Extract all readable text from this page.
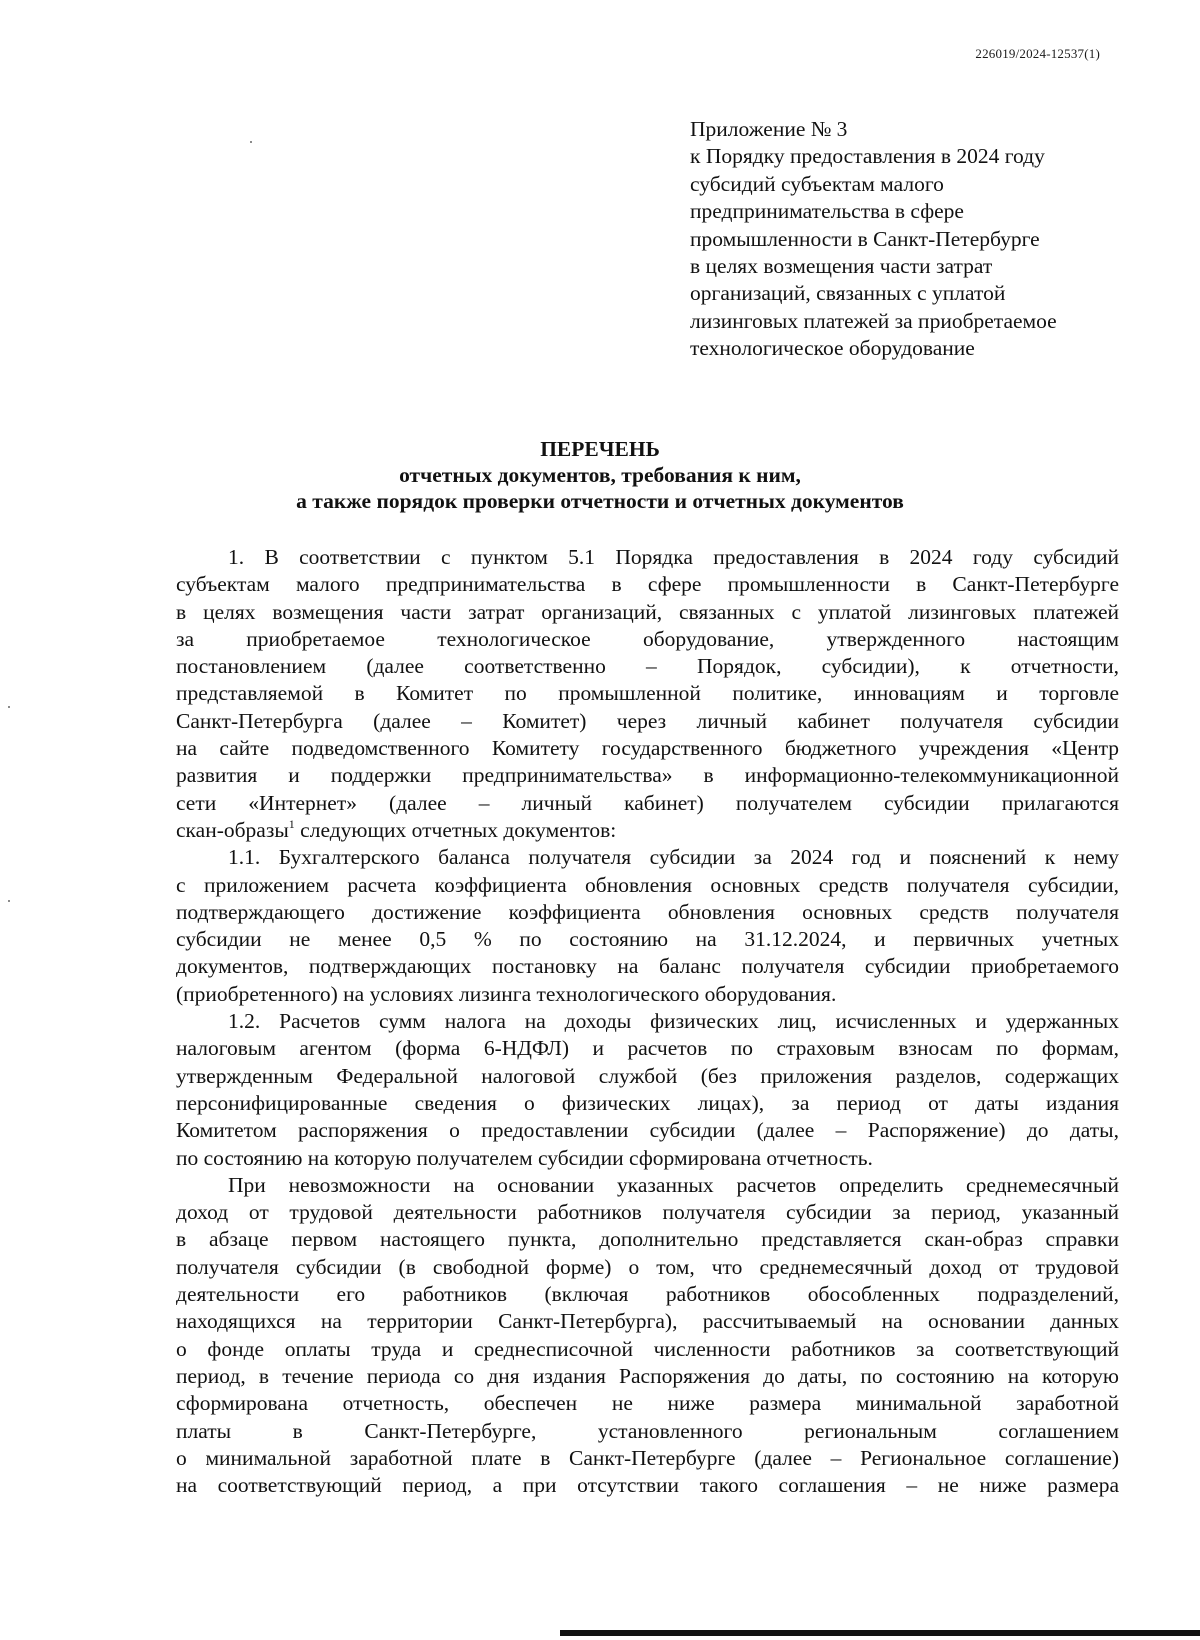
226019/2024-12537(1)
Приложение № 3
к Порядку предоставления в 2024 году
субсидий субъектам малого
предпринимательства в сфере
промышленности в Санкт-Петербурге
в целях возмещения части затрат
организаций, связанных с уплатой
лизинговых платежей за приобретаемое
технологическое оборудование
ПЕРЕЧЕНЬ
отчетных документов, требования к ним,
а также порядок проверки отчетности и отчетных документов
1. В соответствии с пунктом 5.1 Порядка предоставления в 2024 году субсидий
субъектам малого предпринимательства в сфере промышленности в Санкт-Петербурге
в целях возмещения части затрат организаций, связанных с уплатой лизинговых платежей
за приобретаемое технологическое оборудование, утвержденного настоящим
постановлением (далее соответственно – Порядок, субсидии), к отчетности,
представляемой в Комитет по промышленной политике, инновациям и торговле
Санкт-Петербурга (далее – Комитет) через личный кабинет получателя субсидии
на сайте подведомственного Комитету государственного бюджетного учреждения «Центр
развития и поддержки предпринимательства» в информационно-телекоммуникационной
сети «Интернет» (далее – личный кабинет) получателем субсидии прилагаются
скан-образы$^1$ следующих отчетных документов:
1.1. Бухгалтерского баланса получателя субсидии за 2024 год и пояснений к нему
с приложением расчета коэффициента обновления основных средств получателя субсидии,
подтверждающего достижение коэффициента обновления основных средств получателя
субсидии не менее 0,5 % по состоянию на 31.12.2024, и первичных учетных
документов, подтверждающих постановку на баланс получателя субсидии приобретаемого
(приобретенного) на условиях лизинга технологического оборудования.
1.2. Расчетов сумм налога на доходы физических лиц, исчисленных и удержанных
налоговым агентом (форма 6-НДФЛ) и расчетов по страховым взносам по формам,
утвержденным Федеральной налоговой службой (без приложения разделов, содержащих
персонифицированные сведения о физических лицах), за период от даты издания
Комитетом распоряжения о предоставлении субсидии (далее – Распоряжение) до даты,
по состоянию на которую получателем субсидии сформирована отчетность.
При невозможности на основании указанных расчетов определить среднемесячный
доход от трудовой деятельности работников получателя субсидии за период, указанный
в абзаце первом настоящего пункта, дополнительно представляется скан-образ справки
получателя субсидии (в свободной форме) о том, что среднемесячный доход от трудовой
деятельности его работников (включая работников обособленных подразделений,
находящихся на территории Санкт-Петербурга), рассчитываемый на основании данных
о фонде оплаты труда и среднесписочной численности работников за соответствующий
период, в течение периода со дня издания Распоряжения до даты, по состоянию на которую
сформирована отчетность, обеспечен не ниже размера минимальной заработной
платы в Санкт-Петербурге, установленного региональным соглашением
о минимальной заработной плате в Санкт-Петербурге (далее – Региональное соглашение)
на соответствующий период, а при отсутствии такого соглашения – не ниже размера
